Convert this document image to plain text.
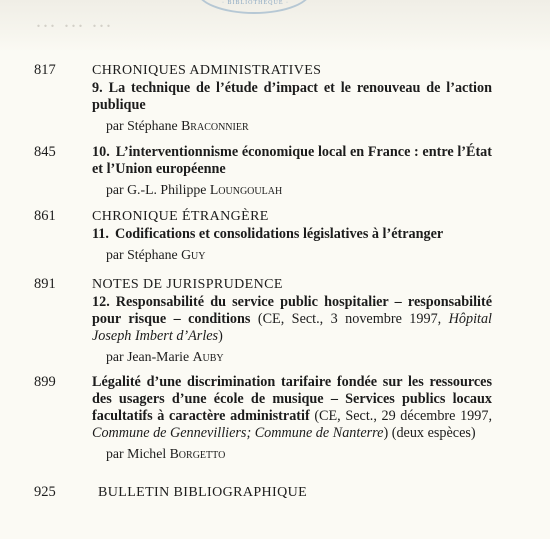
· BIBLIOTHÈQUE ·
... ... ...
817	CHRONIQUES ADMINISTRATIVES
9. La technique de l’étude d’impact et le renouveau de l’action publique
par Stéphane Braconnier
845	10. L’interventionnisme économique local en France : entre l’État et l’Union européenne
par G.-L. Philippe Loungoulah
861	CHRONIQUE ÉTRANGÈRE
11. Codifications et consolidations législatives à l’étranger
par Stéphane Guy
891	NOTES DE JURISPRUDENCE
12. Responsabilité du service public hospitalier – responsabilité pour risque – conditions (CE, Sect., 3 novembre 1997, Hôpital Joseph Imbert d’Arles)
par Jean-Marie Auby
899	Légalité d’une discrimination tarifaire fondée sur les ressources des usagers d’une école de musique – Services publics locaux facultatifs à caractère administratif (CE, Sect., 29 décembre 1997, Commune de Gennevilliers; Commune de Nanterre) (deux espèces)
par Michel Borgetto
925	BULLETIN BIBLIOGRAPHIQUE
